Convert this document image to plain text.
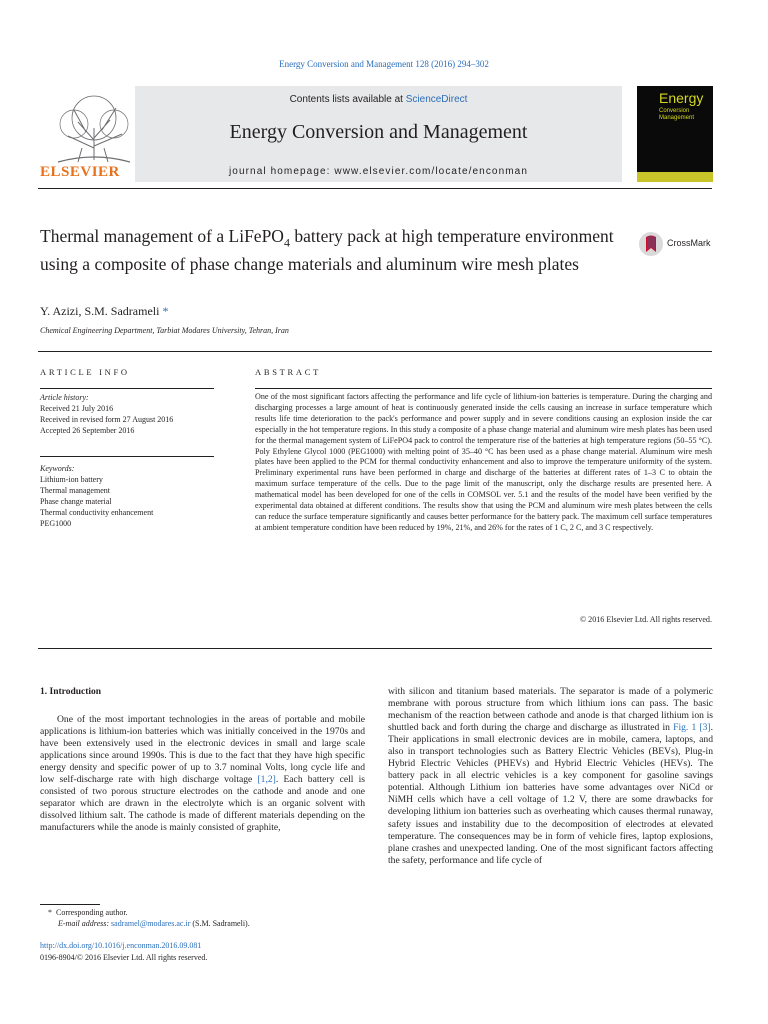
Energy Conversion and Management 128 (2016) 294–302
ELSEVIER
Contents lists available at ScienceDirect
Energy Conversion and Management
journal homepage: www.elsevier.com/locate/enconman
Energy
Conversion
Management
Thermal management of a LiFePO$_4$ battery pack at high temperature environment using a composite of phase change materials and aluminum wire mesh plates
CrossMark
Y. Azizi, S.M. Sadrameli *
Chemical Engineering Department, Tarbiat Modares University, Tehran, Iran
ARTICLE INFO	ABSTRACT
Article history:
Received 21 July 2016
Received in revised form 27 August 2016
Accepted 26 September 2016
Keywords:
Lithium-ion battery
Thermal management
Phase change material
Thermal conductivity enhancement
PEG1000
One of the most significant factors affecting the performance and life cycle of lithium-ion batteries is temperature. During the charging and discharging processes a large amount of heat is continuously generated inside the cells causing an increase in surface temperature which results life time deterioration to the pack's performance and power supply and in severe conditions causing an explosion inside the car especially in the hot temperature regions. In this study a composite of a phase change material and aluminum wire mesh plates has been used for the thermal management system of LiFePO4 pack to control the temperature rise of the batteries at high temperature regions (50–55 °C). Poly Ethylene Glycol 1000 (PEG1000) with melting point of 35–40 °C has been used as a phase change material. Aluminum wire mesh plates have been applied to the PCM for thermal conductivity enhancement and also to improve the temperature uniformity of the system. Preliminary experimental runs have been performed in charge and discharge of the batteries at different rates of 1–3 C to obtain the maximum surface temperature of the cells. Due to the page limit of the manuscript, only the discharge results are presented here. A mathematical model has been developed for one of the cells in COMSOL ver. 5.1 and the results of the model have been verified by the experimental data obtained at different conditions. The results show that using the PCM and aluminum wire mesh plates between the cells can reduce the surface temperature significantly and causes better performance for the battery pack. The maximum cell surface temperatures at ambient temperature condition have been reduced by 19%, 21%, and 26% for the rates of 1 C, 2 C, and 3 C respectively.
© 2016 Elsevier Ltd. All rights reserved.
1. Introduction
One of the most important technologies in the areas of portable and mobile applications is lithium-ion batteries which was initially conceived in the 1970s and have been extensively used in the electronic devices in small and large scale applications since around 1990s. This is due to the fact that they have high specific energy density and specific power of up to 3.7 nominal Volts, long cycle life and low self-discharge rate with high discharge voltage [1,2]. Each battery cell is consisted of two porous structure electrodes on the cathode and anode and one separator which are drawn in the electrolyte which is an organic solvent with dissolved lithium salt. The cathode is made of different materials depending on the manufacturers while the anode is mainly consisted of graphite,
with silicon and titanium based materials. The separator is made of a polymeric membrane with porous structure from which lithium ions can pass. The basic mechanism of the reaction between cathode and anode is that charged lithium ion is shuttled back and forth during the charge and discharge as illustrated in Fig. 1 [3]. Their applications in small electronic devices are in mobile, camera, laptops, and also in transport technologies such as Battery Electric Vehicles (BEVs), Plug-in Hybrid Electric Vehicles (PHEVs) and Hybrid Electric Vehicles (HEVs). The battery pack in all electric vehicles is a key component for gasoline savings potential. Although Lithium ion batteries have some advantages over NiCd or NiMH cells which have a cell voltage of 1.2 V, there are some drawbacks for developing lithium ion batteries such as overheating which causes thermal runaway, safety issues and instability due to the decomposition of electrodes at elevated temperature. The consequences may be in form of vehicle fires, laptop explosions, plane crashes and unexpected landing. One of the most significant factors affecting the safety, performance and life cycle of
* Corresponding author.
E-mail address: sadramel@modares.ac.ir (S.M. Sadrameli).
http://dx.doi.org/10.1016/j.enconman.2016.09.081
0196-8904/© 2016 Elsevier Ltd. All rights reserved.
